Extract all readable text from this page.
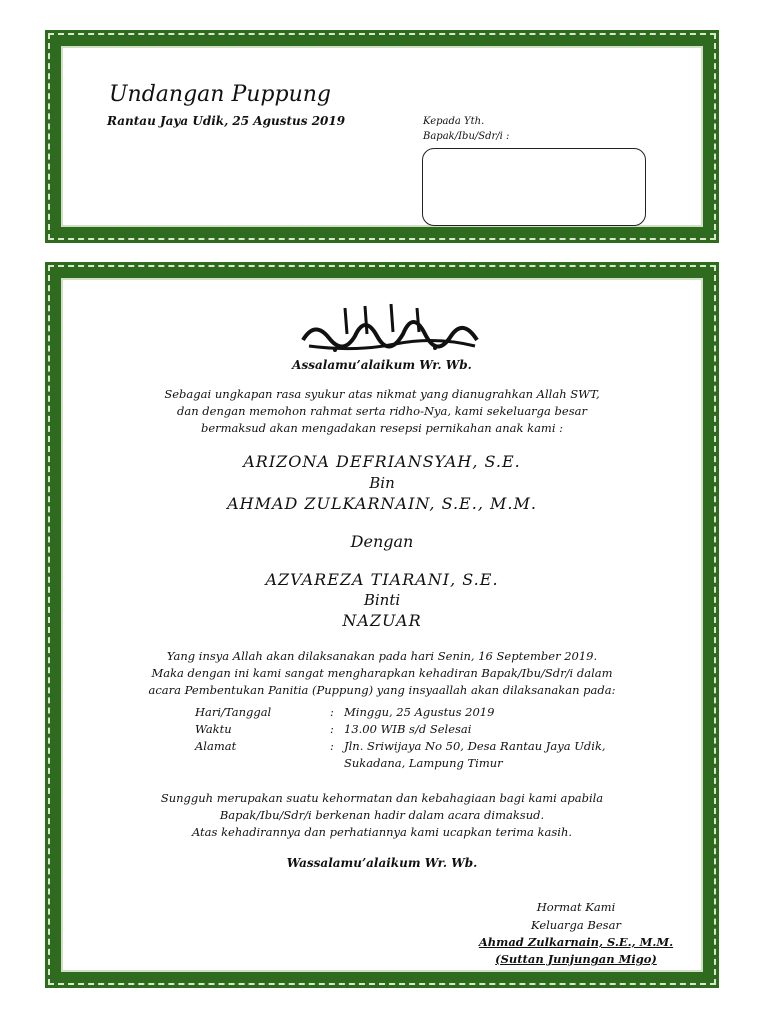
Undangan Puppung
Rantau Jaya Udik, 25 Agustus 2019	Kepada Yth.
Bapak/Ibu/Sdr/i :
Assalamu’alaikum Wr. Wb.
Sebagai ungkapan rasa syukur atas nikmat yang dianugrahkan Allah SWT,
dan dengan memohon rahmat serta ridho-Nya, kami sekeluarga besar
bermaksud akan mengadakan resepsi pernikahan anak kami :
ARIZONA DEFRIANSYAH, S.E.
Bin
AHMAD ZULKARNAIN, S.E., M.M.
Dengan
AZVAREZA TIARANI, S.E.
Binti
NAZUAR
Yang insya Allah akan dilaksanakan pada hari Senin, 16 September 2019.
Maka dengan ini kami sangat mengharapkan kehadiran Bapak/Ibu/Sdr/i dalam
acara Pembentukan Panitia (Puppung) yang insyaallah akan dilaksanakan pada:
Hari/Tanggal	:	Minggu, 25 Agustus 2019
Waktu	:	13.00 WIB s/d Selesai
Alamat	:	Jln. Sriwijaya No 50, Desa Rantau Jaya Udik,
		Sukadana, Lampung Timur
Sungguh merupakan suatu kehormatan dan kebahagiaan bagi kami apabila
Bapak/Ibu/Sdr/i berkenan hadir dalam acara dimaksud.
Atas kehadirannya dan perhatiannya kami ucapkan terima kasih.
Wassalamu’alaikum Wr. Wb.
Hormat Kami
Keluarga Besar
Ahmad Zulkarnain, S.E., M.M.
(Suttan Junjungan Migo)
